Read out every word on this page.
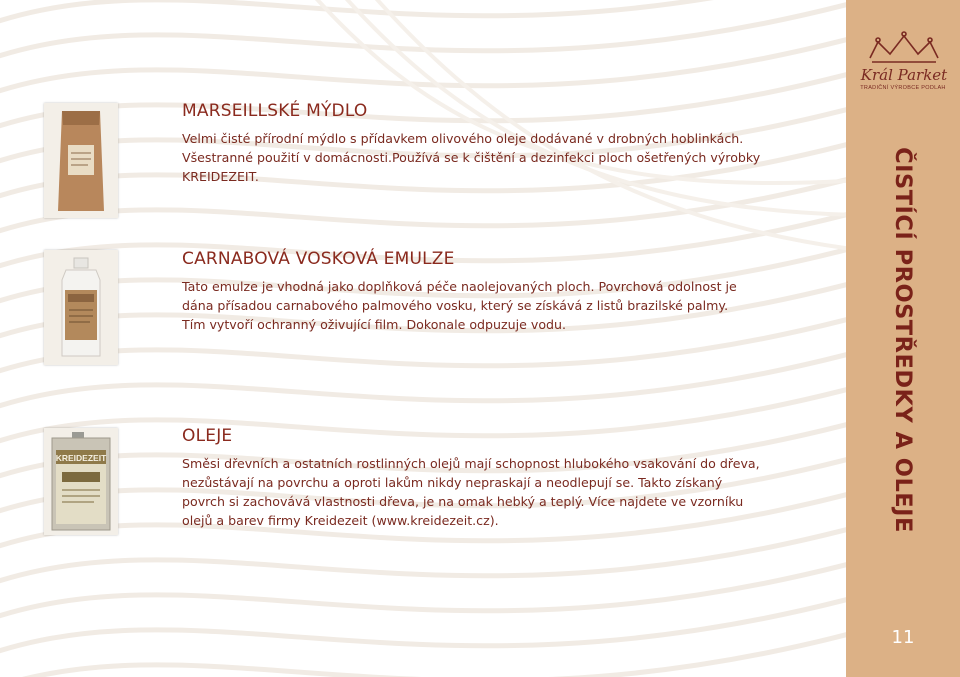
KREIDEZEIT
MARSEILLSKÉ MÝDLO

Velmi čisté přírodní mýdlo s přídavkem olivového oleje dodávané v drobných hoblinkách.
Všestranné použití v domácnosti.Používá se k čištění a dezinfekci ploch ošetřených výrobky
KREIDEZEIT.

CARNABOVÁ VOSKOVÁ EMULZE

Tato emulze je vhodná jako doplňková péče naolejovaných ploch. Povrchová odolnost je
dána přísadou carnabového palmového vosku, který se získává z listů brazilské palmy.
Tím vytvoří ochranný oživující film. Dokonale odpuzuje vodu.

OLEJE

Směsi dřevních a ostatních rostlinných olejů mají schopnost hlubokého vsakování do dřeva,
nezůstávají na povrchu a oproti lakům nikdy nepraskají a neodlepují se. Takto získaný
povrch si zachovává vlastnosti dřeva, je na omak hebký a teplý. Více najdete ve vzorníku
olejů a barev firmy Kreidezeit (www.kreidezeit.cz).

Král Parket
TRADIČNÍ VÝROBCE PODLAH
ČISTÍCÍ PROSTŘEDKY A OLEJE
11
